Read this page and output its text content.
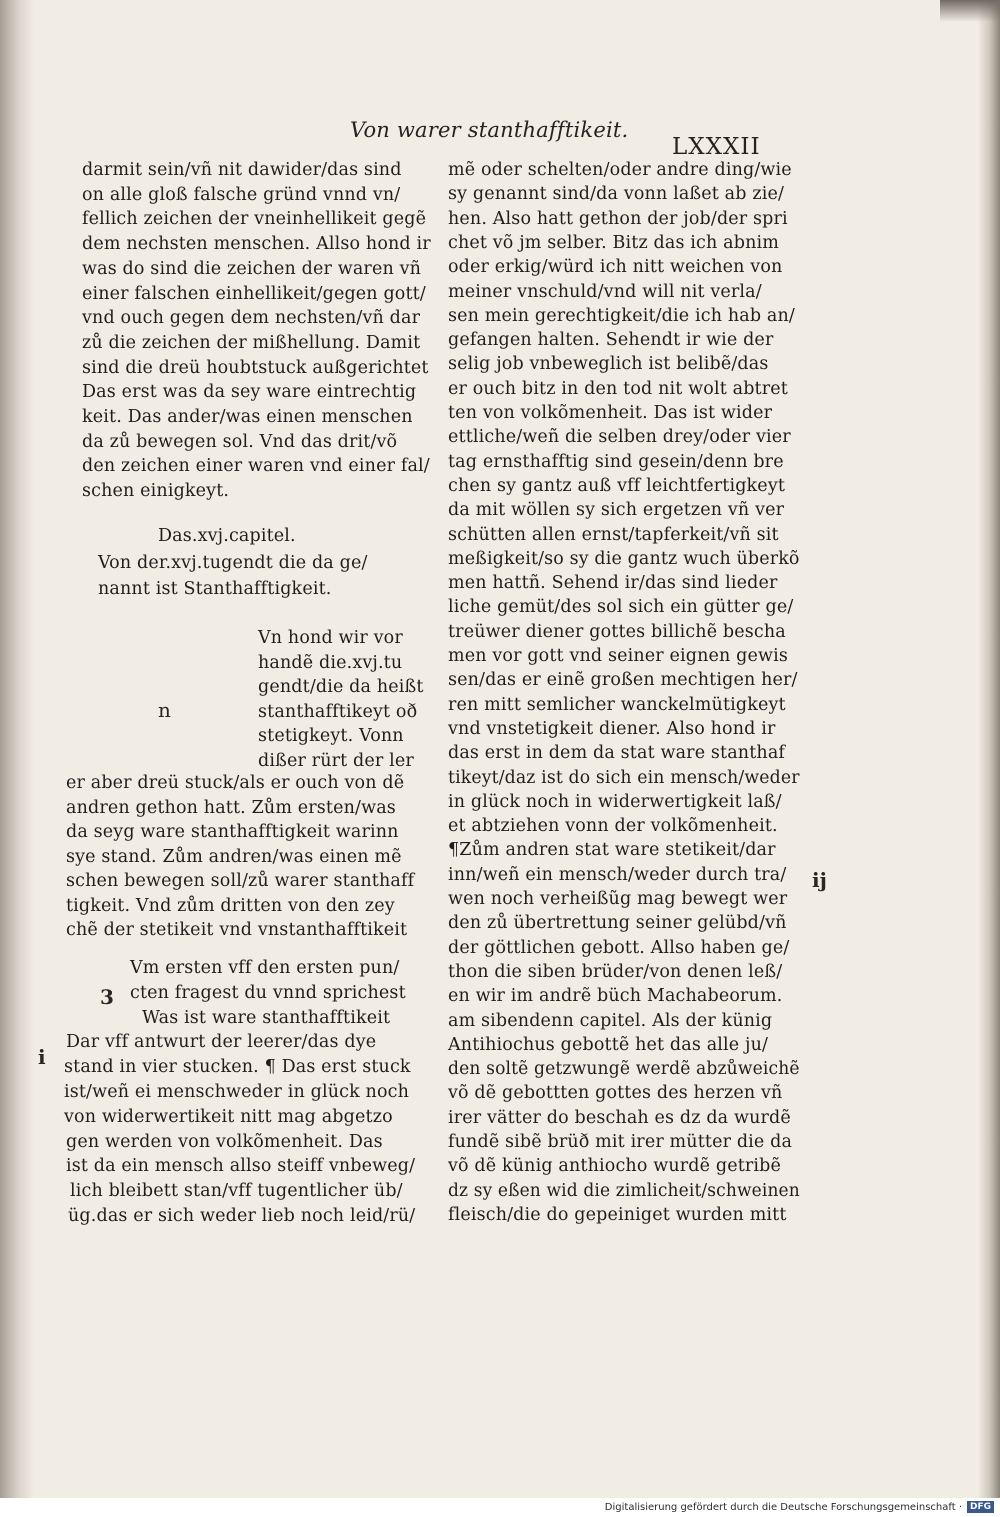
Von warer stanthafftikeit.
LXXXII
darmit sein/vñ nit dawider/das sind
on alle gloß falsche gründ vnnd vn/
fellich zeichen der vneinhellikeit gegẽ
dem nechsten menschen. Allso hond ir
was do sind die zeichen der waren vñ
einer falschen einhellikeit/gegen gott/
vnd ouch gegen dem nechsten/vñ dar
zů die zeichen der mißhellung. Damit
sind die dreü houbtstuck außgerichtet
Das erst was da sey ware eintrechtig
keit. Das ander/was einen menschen
da zů bewegen sol. Vnd das drit/võ
den zeichen einer waren vnd einer fal/
schen einigkeyt.
Das.xvj.capitel.
Von der.xvj.tugendt die da ge/
nannt ist Stanthafftigkeit.
Vn hond wir vor
handẽ die.xvj.tu
gendt/die da heißt
stanthafftikeyt oð
stetigkeyt. Vonn
dißer rürt der ler
er aber dreü stuck/als er ouch von dẽ
andren gethon hatt. Zům ersten/was
da seyg ware stanthafftigkeit warinn
sye stand. Zům andren/was einen mẽ
schen bewegen soll/zů warer stanthaff
tigkeit. Vnd zům dritten von den zey
chẽ der stetikeit vnd vnstanthafftikeit
Vm ersten vff den ersten pun/
cten fragest du vnnd sprichest
Was ist ware stanthafftikeit
Dar vff antwurt der leerer/das dye
stand in vier stucken. ¶ Das erst stuck
ist/weñ ei menschweder in glück noch
von widerwertikeit nitt mag abgetzo
gen werden von volkõmenheit. Das
ist da ein mensch allso steiff vnbeweg/
lich bleibett stan/vff tugentlicher üb/
üg.das er sich weder lieb noch leid/rü/
mẽ oder schelten/oder andre ding/wie
sy genannt sind/da vonn laßet ab zie/
hen. Also hatt gethon der job/der spri
chet võ jm selber. Bitz das ich abnim
oder erkig/würd ich nitt weichen von
meiner vnschuld/vnd will nit verla/
sen mein gerechtigkeit/die ich hab an/
gefangen halten. Sehendt ir wie der
selig job vnbeweglich ist belibẽ/das
er ouch bitz in den tod nit wolt abtret
ten von volkõmenheit. Das ist wider
ettliche/weñ die selben drey/oder vier
tag ernsthafftig sind gesein/denn bre
chen sy gantz auß vff leichtfertigkeyt
da mit wöllen sy sich ergetzen vñ ver
schütten allen ernst/tapferkeit/vñ sit
meßigkeit/so sy die gantz wuch überkõ
men hattñ. Sehend ir/das sind lieder
liche gemüt/des sol sich ein gütter ge/
treüwer diener gottes billichẽ bescha
men vor gott vnd seiner eignen gewis
sen/das er einẽ großen mechtigen her/
ren mitt semlicher wanckelmütigkeyt
vnd vnstetigkeit diener. Also hond ir
das erst in dem da stat ware stanthaf
tikeyt/daz ist do sich ein mensch/weder
in glück noch in widerwertigkeit laß/
et abtziehen vonn der volkõmenheit.
¶Zům andren stat ware stetikeit/dar
inn/weñ ein mensch/weder durch tra/
wen noch verheißũg mag bewegt wer
den zů übertrettung seiner gelübd/vñ
der göttlichen gebott. Allso haben ge/
thon die siben brüder/von denen leß/
en wir im andrẽ büch Machabeorum.
am sibendenn capitel. Als der künig
Antihiochus gebottẽ het das alle ju/
den soltẽ getzwungẽ werdẽ abzůweichẽ
võ dẽ gebottten gottes des herzen vñ
irer vätter do beschah es dz da wurdẽ
fundẽ sibẽ brüð mit irer mütter die da
võ dẽ künig anthiocho wurdẽ getribẽ
dz sy eßen wid die zimlicheit/schweinen
fleisch/die do gepeiniget wurden mitt
n
3
i
ij
Digitalisierung gefördert durch die Deutsche Forschungsgemeinschaft · DFG
